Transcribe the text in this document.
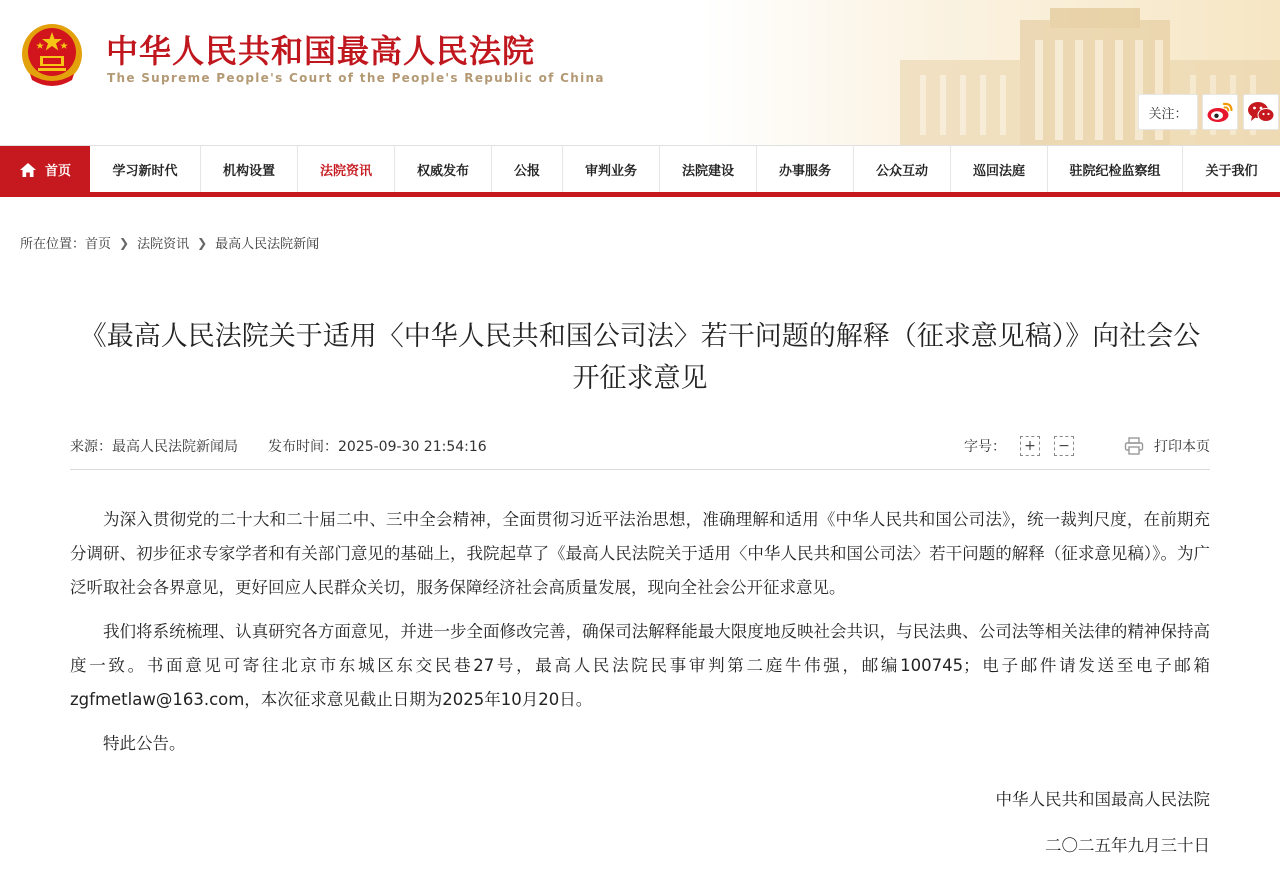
中华人民共和国最高人民法院
The Supreme People's Court of the People's Republic of China
关注：
首页	学习新时代	机构设置	法院资讯	权威发布	公报	审判业务	法院建设	办事服务	公众互动	巡回法庭	驻院纪检监察组	关于我们
所在位置： 首页 ❯ 法院资讯 ❯ 最高人民法院新闻
《最高人民法院关于适用〈中华人民共和国公司法〉若干问题的解释（征求意见稿）》向社会公开征求意见
来源：最高人民法院新闻局 发布时间：2025-09-30 21:54:16	字号： + −	打印本页

为深入贯彻党的二十大和二十届二中、三中全会精神，全面贯彻习近平法治思想，准确理解和适用《中华人民共和国公司法》，统一裁判尺度，在前期充分调研、初步征求专家学者和有关部门意见的基础上，我院起草了《最高人民法院关于适用〈中华人民共和国公司法〉若干问题的解释（征求意见稿）》。为广泛听取社会各界意见，更好回应人民群众关切，服务保障经济社会高质量发展，现向全社会公开征求意见。

我们将系统梳理、认真研究各方面意见，并进一步全面修改完善，确保司法解释能最大限度地反映社会共识，与民法典、公司法等相关法律的精神保持高度一致。书面意见可寄往北京市东城区东交民巷27号，最高人民法院民事审判第二庭牛伟强，邮编100745；电子邮件请发送至电子邮箱zgfmetlaw@163.com，本次征求意见截止日期为2025年10月20日。

特此公告。

中华人民共和国最高人民法院
二〇二五年九月三十日
